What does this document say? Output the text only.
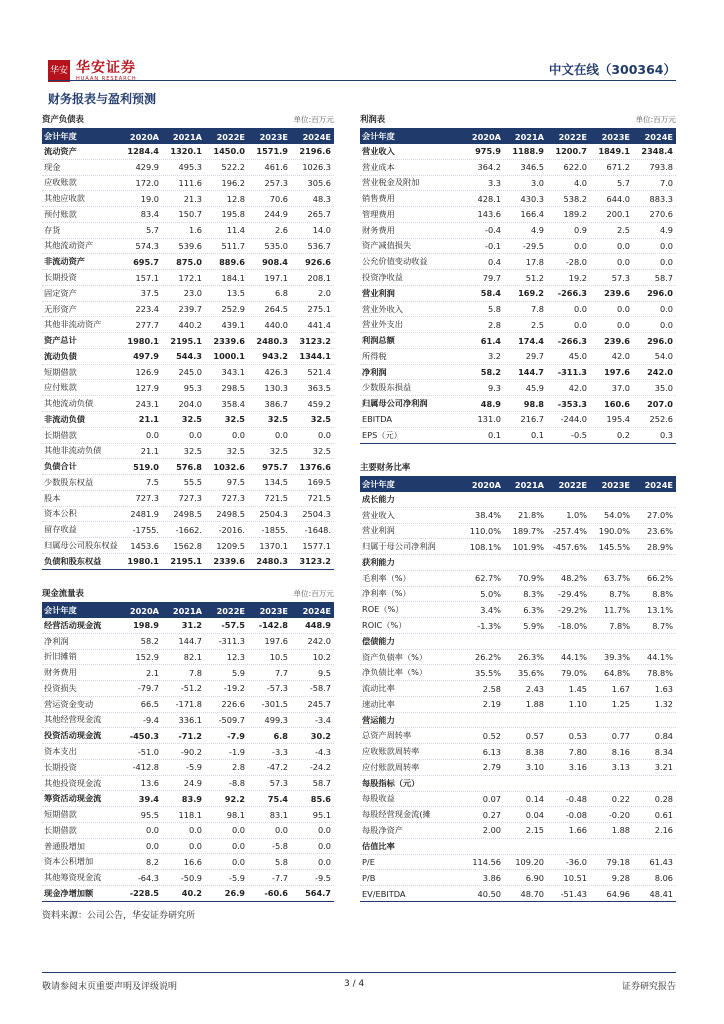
华安 华安证券
HUAAN RESEARCH
中文在线（300364）
财务报表与盈利预测
资产负债表	单位:百万元
会计年度	2020A	2021A	2022E	2023E	2024E
流动资产	1284.4	1320.1	1450.0	1571.9	2196.6
现金	429.9	495.3	522.2	461.6	1026.3
应收账款	172.0	111.6	196.2	257.3	305.6
其他应收款	19.0	21.3	12.8	70.6	48.3
预付账款	83.4	150.7	195.8	244.9	265.7
存货	5.7	1.6	11.4	2.6	14.0
其他流动资产	574.3	539.6	511.7	535.0	536.7
非流动资产	695.7	875.0	889.6	908.4	926.6
长期投资	157.1	172.1	184.1	197.1	208.1
固定资产	37.5	23.0	13.5	6.8	2.0
无形资产	223.4	239.7	252.9	264.5	275.1
其他非流动资产	277.7	440.2	439.1	440.0	441.4
资产总计	1980.1	2195.1	2339.6	2480.3	3123.2
流动负债	497.9	544.3	1000.1	943.2	1344.1
短期借款	126.9	245.0	343.1	426.3	521.4
应付账款	127.9	95.3	298.5	130.3	363.5
其他流动负债	243.1	204.0	358.4	386.7	459.2
非流动负债	21.1	32.5	32.5	32.5	32.5
长期借款	0.0	0.0	0.0	0.0	0.0
其他非流动负债	21.1	32.5	32.5	32.5	32.5
负债合计	519.0	576.8	1032.6	975.7	1376.6
少数股东权益	7.5	55.5	97.5	134.5	169.5
股本	727.3	727.3	727.3	721.5	721.5
资本公积	2481.9	2498.5	2498.5	2504.3	2504.3
留存收益	-1755.	-1662.	-2016.	-1855.	-1648.
归属母公司股东权益	1453.6	1562.8	1209.5	1370.1	1577.1
负债和股东权益	1980.1	2195.1	2339.6	2480.3	3123.2
利润表	单位:百万元
会计年度	2020A	2021A	2022E	2023E	2024E
营业收入	975.9	1188.9	1200.7	1849.1	2348.4
营业成本	364.2	346.5	622.0	671.2	793.8
营业税金及附加	3.3	3.0	4.0	5.7	7.0
销售费用	428.1	430.3	538.2	644.0	883.3
管理费用	143.6	166.4	189.2	200.1	270.6
财务费用	-0.4	4.9	0.9	2.5	4.9
资产减值损失	-0.1	-29.5	0.0	0.0	0.0
公允价值变动收益	0.4	17.8	-28.0	0.0	0.0
投资净收益	79.7	51.2	19.2	57.3	58.7
营业利润	58.4	169.2	-266.3	239.6	296.0
营业外收入	5.8	7.8	0.0	0.0	0.0
营业外支出	2.8	2.5	0.0	0.0	0.0
利润总额	61.4	174.4	-266.3	239.6	296.0
所得税	3.2	29.7	45.0	42.0	54.0
净利润	58.2	144.7	-311.3	197.6	242.0
少数股东损益	9.3	45.9	42.0	37.0	35.0
归属母公司净利润	48.9	98.8	-353.3	160.6	207.0
EBITDA	131.0	216.7	-244.0	195.4	252.6
EPS（元）	0.1	0.1	-0.5	0.2	0.3
主要财务比率
会计年度	2020A	2021A	2022E	2023E	2024E
成长能力
营业收入	38.4%	21.8%	1.0%	54.0%	27.0%
营业利润	110.0%	189.7%	-257.4%	190.0%	23.6%
归属于母公司净利润	108.1%	101.9%	-457.6%	145.5%	28.9%
获利能力
毛利率（%）	62.7%	70.9%	48.2%	63.7%	66.2%
净利率（%）	5.0%	8.3%	-29.4%	8.7%	8.8%
ROE（%）	3.4%	6.3%	-29.2%	11.7%	13.1%
ROIC（%）	-1.3%	5.9%	-18.0%	7.8%	8.7%
偿债能力
资产负债率（%）	26.2%	26.3%	44.1%	39.3%	44.1%
净负债比率（%）	35.5%	35.6%	79.0%	64.8%	78.8%
流动比率	2.58	2.43	1.45	1.67	1.63
速动比率	2.19	1.88	1.10	1.25	1.32
营运能力
总资产周转率	0.52	0.57	0.53	0.77	0.84
应收账款周转率	6.13	8.38	7.80	8.16	8.34
应付账款周转率	2.79	3.10	3.16	3.13	3.21
每股指标（元）
每股收益	0.07	0.14	-0.48	0.22	0.28
每股经营现金流(摊	0.27	0.04	-0.08	-0.20	0.61
每股净资产	2.00	2.15	1.66	1.88	2.16
估值比率
P/E	114.56	109.20	-36.0	79.18	61.43
P/B	3.86	6.90	10.51	9.28	8.06
EV/EBITDA	40.50	48.70	-51.43	64.96	48.41
现金流量表	单位:百万元
会计年度	2020A	2021A	2022E	2023E	2024E
经营活动现金流	198.9	31.2	-57.5	-142.8	448.9
净利润	58.2	144.7	-311.3	197.6	242.0
折旧摊销	152.9	82.1	12.3	10.5	10.2
财务费用	2.1	7.8	5.9	7.7	9.5
投资损失	-79.7	-51.2	-19.2	-57.3	-58.7
营运资金变动	66.5	-171.8	226.6	-301.5	245.7
其他经营现金流	-9.4	336.1	-509.7	499.3	-3.4
投资活动现金流	-450.3	-71.2	-7.9	6.8	30.2
资本支出	-51.0	-90.2	-1.9	-3.3	-4.3
长期投资	-412.8	-5.9	2.8	-47.2	-24.2
其他投资现金流	13.6	24.9	-8.8	57.3	58.7
筹资活动现金流	39.4	83.9	92.2	75.4	85.6
短期借款	95.5	118.1	98.1	83.1	95.1
长期借款	0.0	0.0	0.0	0.0	0.0
普通股增加	0.0	0.0	0.0	-5.8	0.0
资本公积增加	8.2	16.6	0.0	5.8	0.0
其他筹资现金流	-64.3	-50.9	-5.9	-7.7	-9.5
现金净增加额	-228.5	40.2	26.9	-60.6	564.7
资料来源：公司公告，华安证券研究所
敬请参阅末页重要声明及评级说明	3 / 4	证券研究报告
